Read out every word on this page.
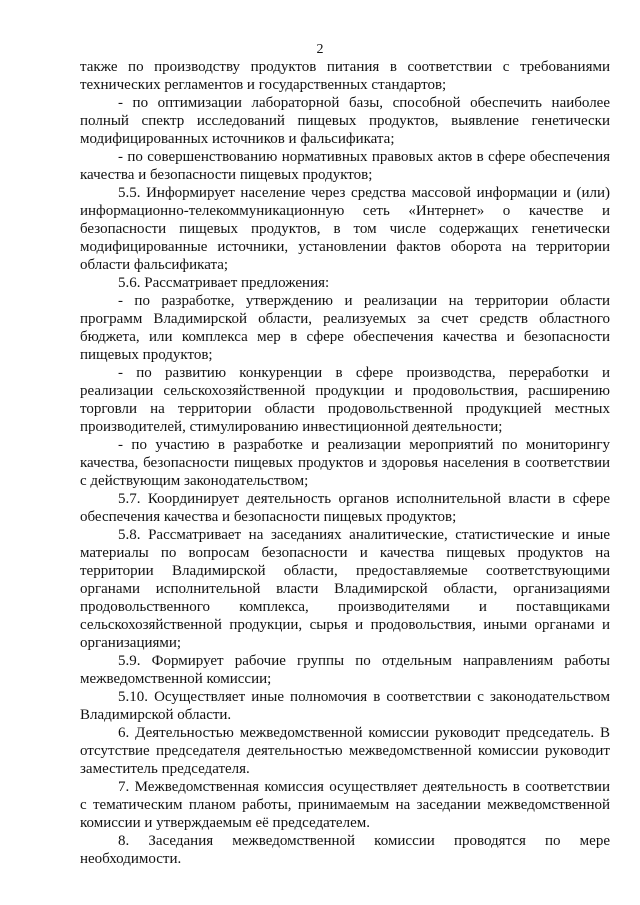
2

также по производству продуктов питания в соответствии с требованиями технических регламентов и государственных стандартов;

- по оптимизации лабораторной базы, способной обеспечить наиболее полный спектр исследований пищевых продуктов, выявление генетически модифицированных источников и фальсификата;

- по совершенствованию нормативных правовых актов в сфере обеспечения качества и безопасности пищевых продуктов;

5.5. Информирует население через средства массовой информации и (или) информационно-телекоммуникационную сеть «Интернет» о качестве и безопасности пищевых продуктов, в том числе содержащих генетически модифицированные источники, установлении фактов оборота на территории области фальсификата;

5.6. Рассматривает предложения:

- по разработке, утверждению и реализации на территории области программ Владимирской области, реализуемых за счет средств областного бюджета, или комплекса мер в сфере обеспечения качества и безопасности пищевых продуктов;

- по развитию конкуренции в сфере производства, переработки и реализации сельскохозяйственной продукции и продовольствия, расширению торговли на территории области продовольственной продукцией местных производителей, стимулированию инвестиционной деятельности;

- по участию в разработке и реализации мероприятий по мониторингу качества, безопасности пищевых продуктов и здоровья населения в соответствии с действующим законодательством;

5.7. Координирует деятельность органов исполнительной власти в сфере обеспечения качества и безопасности пищевых продуктов;

5.8. Рассматривает на заседаниях аналитические, статистические и иные материалы по вопросам безопасности и качества пищевых продуктов на территории Владимирской области, предоставляемые соответствующими органами исполнительной власти Владимирской области, организациями продовольственного комплекса, производителями и поставщиками сельскохозяйственной продукции, сырья и продовольствия, иными органами и организациями;

5.9. Формирует рабочие группы по отдельным направлениям работы межведомственной комиссии;

5.10. Осуществляет иные полномочия в соответствии с законодательством Владимирской области.

6. Деятельностью межведомственной комиссии руководит председатель. В отсутствие председателя деятельностью межведомственной комиссии руководит заместитель председателя.

7. Межведомственная комиссия осуществляет деятельность в соответствии с тематическим планом работы, принимаемым на заседании межведомственной комиссии и утверждаемым её председателем.

8. Заседания межведомственной комиссии проводятся по мере необходимости.
